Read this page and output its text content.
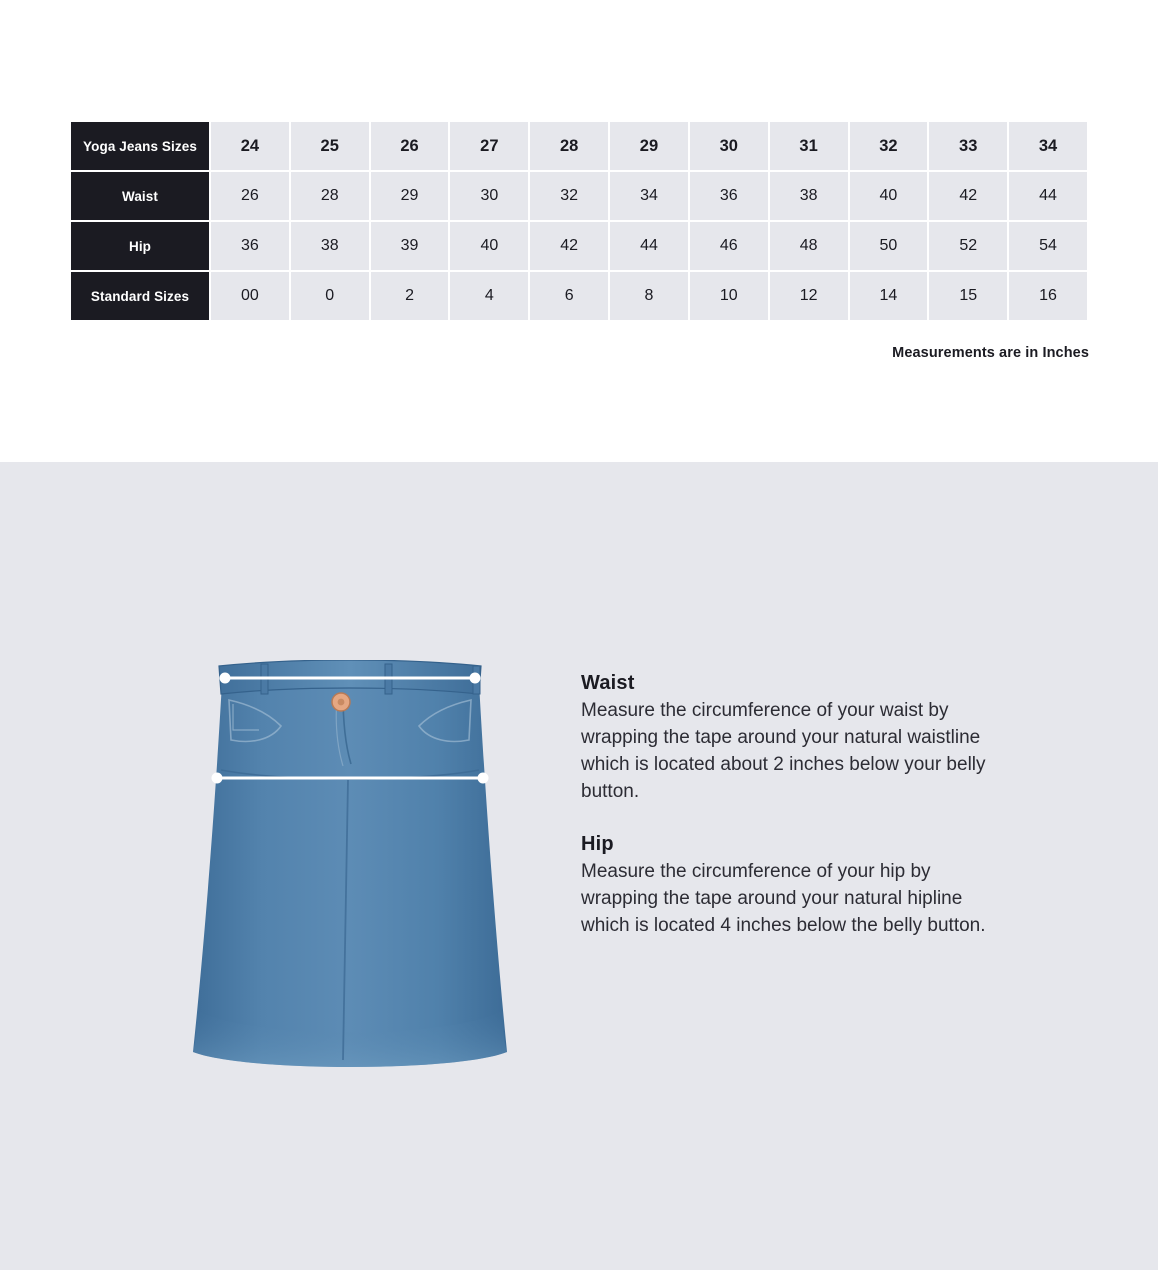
Yoga Jeans Sizes	24	25	26	27	28	29	30	31	32	33	34
Waist	26	28	29	30	32	34	36	38	40	42	44
Hip	36	38	39	40	42	44	46	48	50	52	54
Standard Sizes	00	0	2	4	6	8	10	12	14	15	16
Measurements are in Inches
Waist

Measure the circumference of your waist by wrapping the tape around your natural waistline which is located about 2 inches below your belly button.

Hip

Measure the circumference of your hip by wrapping the tape around your natural hipline which is located 4 inches below the belly button.
